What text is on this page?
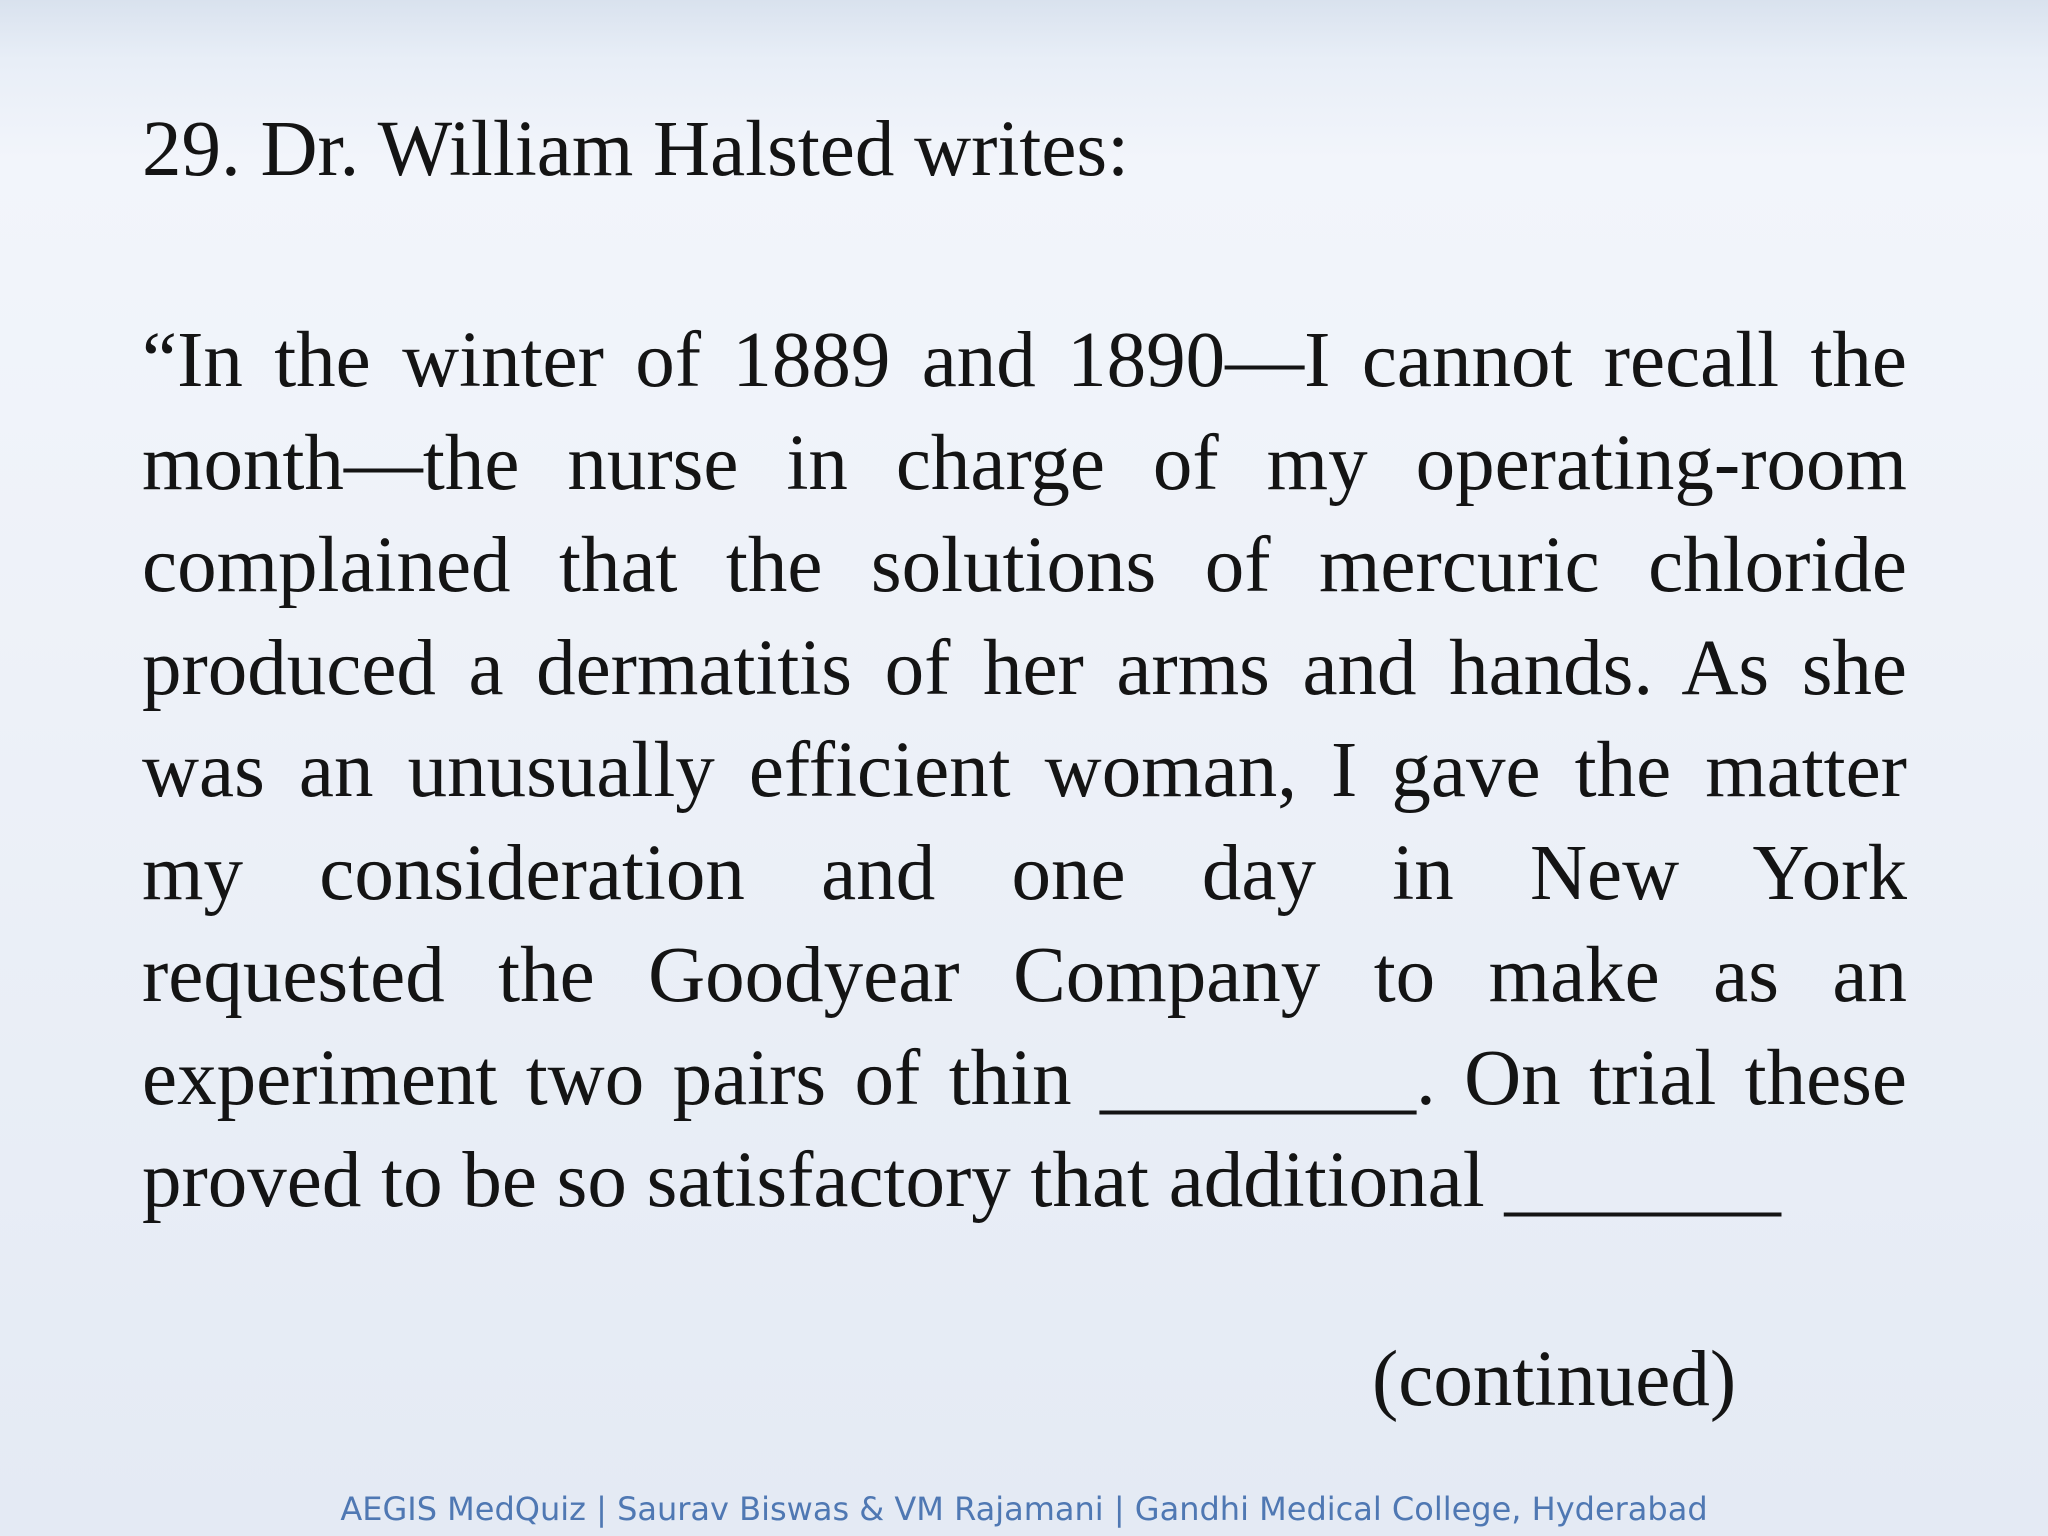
29. Dr. William Halsted writes:
“In the winter of 1889 and 1890—I cannot recall the
month—the nurse in charge of my operating-room
complained that the solutions of mercuric chloride
produced a dermatitis of her arms and hands. As she
was an unusually efficient woman, I gave the matter
my consideration and one day in New York
requested the Goodyear Company to make as an
experiment two pairs of thin ________. On trial these
proved to be so satisfactory that additional _______
(continued)
AEGIS MedQuiz | Saurav Biswas & VM Rajamani | Gandhi Medical College, Hyderabad
